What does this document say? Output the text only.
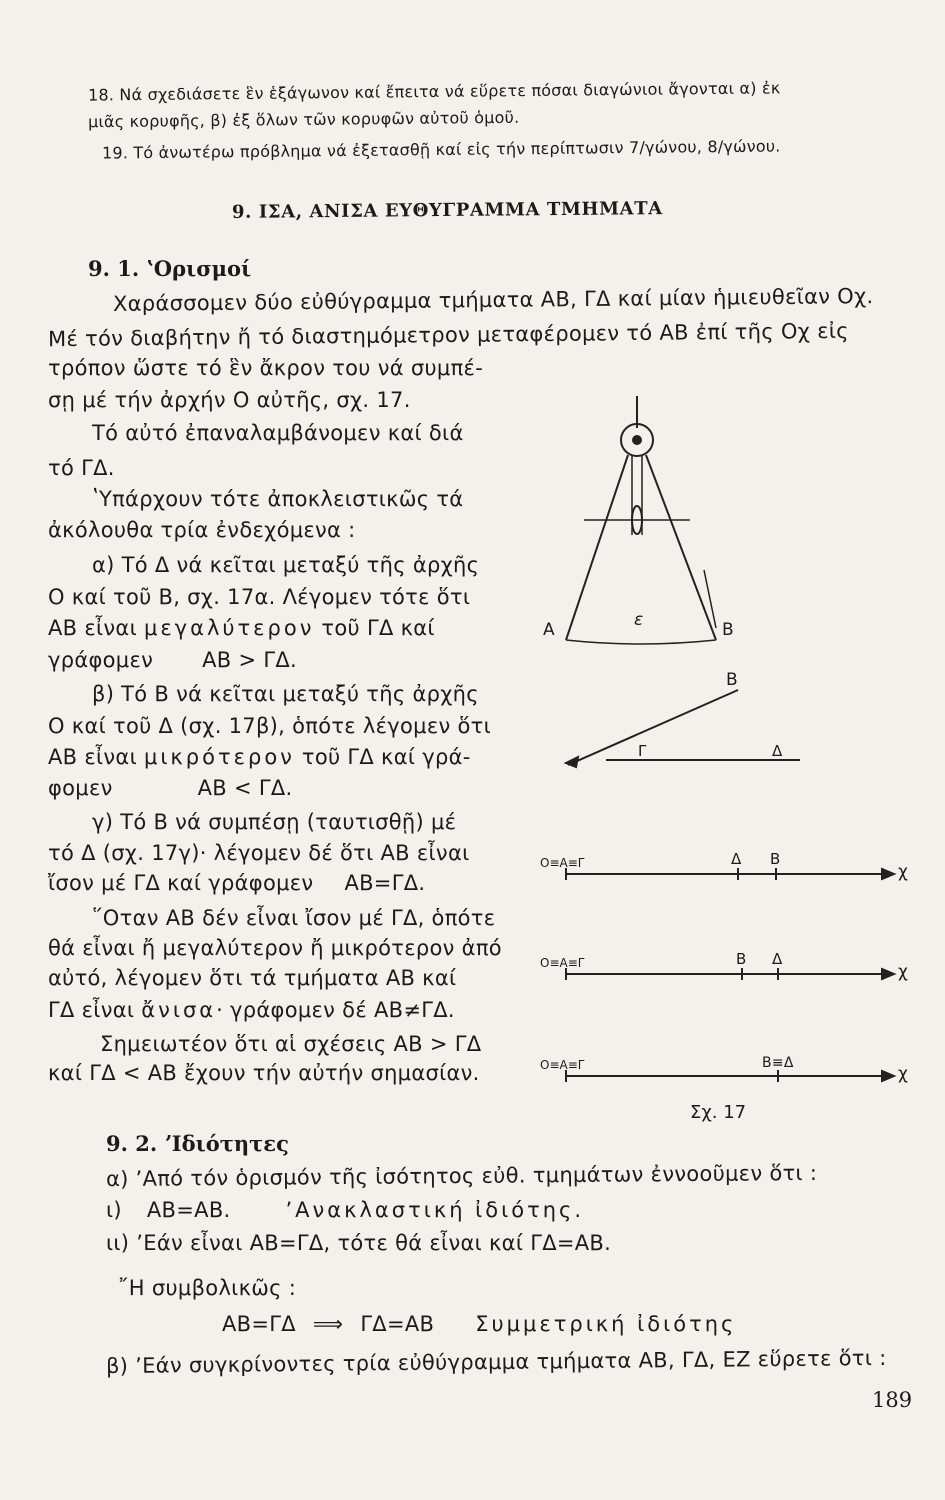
18. Νά σχεδιάσετε ἓν ἑξάγωνον καί ἔπειτα νά εὕρετε πόσαι διαγώνιοι ἄγονται α) ἐκ
μιᾶς κορυφῆς, β) ἐξ ὅλων τῶν κορυφῶν αὐτοῦ ὁμοῦ.
19. Τό ἀνωτέρω πρόβλημα νά ἐξετασθῇ καί εἰς τήν περίπτωσιν 7/γώνου, 8/γώνου.
9. ΙΣΑ, ΑΝΙΣΑ ΕΥΘΥΓΡΑΜΜΑ ΤΜΗΜΑΤΑ
9. 1. ʽΟρισμοί
Χαράσσομεν δύο εὐθύγραμμα τμήματα ΑΒ, ΓΔ καί μίαν ἡμιευθεῖαν Οχ.
Μέ τόν διαβήτην ἤ τό διαστημόμετρον μεταφέρομεν τό ΑΒ ἐπί τῆς Οχ εἰς
τρόπον ὥστε τό ἓν ἄκρον του νά συμπέ-
σῃ μέ τήν ἀρχήν Ο αὐτῆς, σχ. 17.
Τό αὐτό ἐπαναλαμβάνομεν καί διά
τό ΓΔ.
ʽΥπάρχουν τότε ἀποκλειστικῶς τά
ἀκόλουθα τρία ἐνδεχόμενα :
α) Τό Δ νά κεῖται μεταξύ τῆς ἀρχῆς
Ο καί τοῦ Β, σχ. 17α. Λέγομεν τότε ὅτι
ΑΒ εἶναι μεγαλύτερον τοῦ ΓΔ καί
γράφομεν ΑΒ > ΓΔ.
β) Τό Β νά κεῖται μεταξύ τῆς ἀρχῆς
Ο καί τοῦ Δ (σχ. 17β), ὁπότε λέγομεν ὅτι
ΑΒ εἶναι μικρότερον τοῦ ΓΔ καί γρά-
φομεν	ΑΒ < ΓΔ.
γ) Τό Β νά συμπέσῃ (ταυτισθῇ) μέ
τό Δ (σχ. 17γ)· λέγομεν δέ ὅτι ΑΒ εἶναι
ἴσον μέ ΓΔ καί γράφομεν ΑΒ=ΓΔ.
῞Οταν ΑΒ δέν εἶναι ἴσον μέ ΓΔ, ὁπότε
θά εἶναι ἤ μεγαλύτερον ἤ μικρότερον ἀπό
αὐτό, λέγομεν ὅτι τά τμήματα ΑΒ καί
ΓΔ εἶναι ἄνισα· γράφομεν δέ ΑΒ≠ΓΔ.
Σημειωτέον ὅτι αἱ σχέσεις ΑΒ > ΓΔ
καί ΓΔ < ΑΒ ἔχουν τήν αὐτήν σημασίαν.
9. 2. ʼΙδιότητες
α) ʼΑπό τόν ὁρισμόν τῆς ἰσότητος εὐθ. τμημάτων ἐννοοῦμεν ὅτι :
ι) ΑΒ=ΑΒ.	ʼΑνακλαστική ἰδιότης.
ιι) ʼΕάν εἶναι ΑΒ=ΓΔ, τότε θά εἶναι καί ΓΔ=ΑΒ.
῎Η συμβολικῶς :
ΑΒ=ΓΔ ⟹ ΓΔ=ΑΒ Συμμετρική ἰδιότης
β) ʼΕάν συγκρίνοντες τρία εὐθύγραμμα τμήματα ΑΒ, ΓΔ, ΕΖ εὕρετε ὅτι :
189
Α	Β
ε
Β
Γ	Δ
Ο≡Α≡Γ	Δ Β
χ
Ο≡Α≡Γ	Β Δ
χ
Ο≡Α≡Γ	Β≡Δ
χ
Σχ. 17
